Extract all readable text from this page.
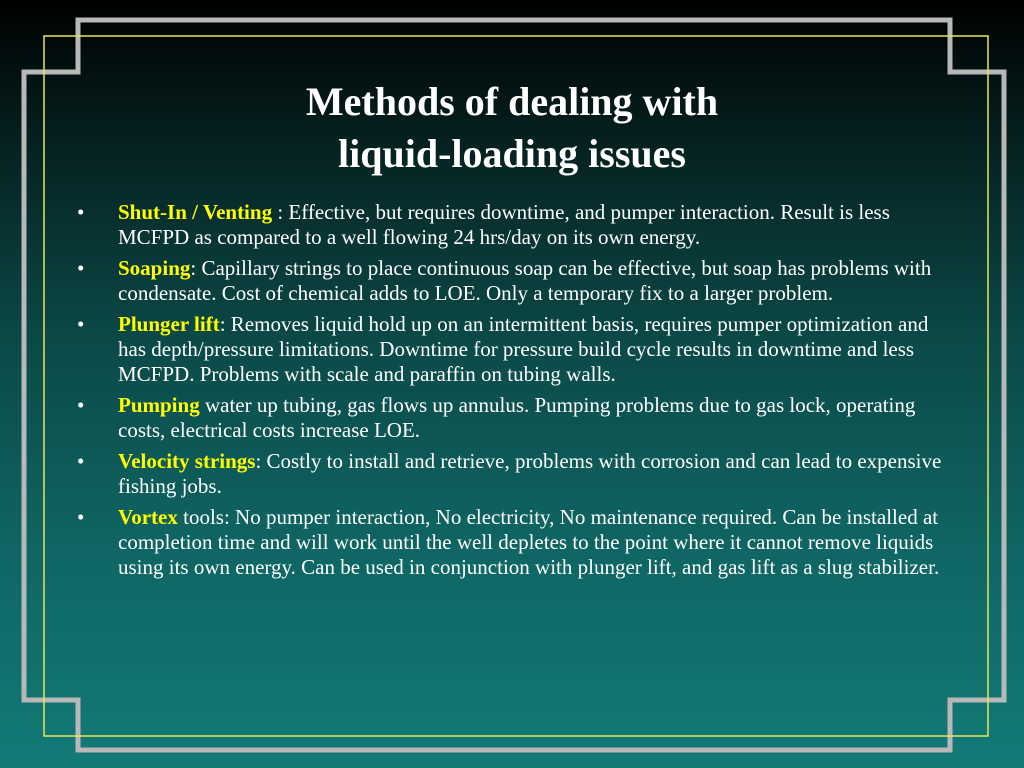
Methods of dealing with
liquid-loading issues
• Shut-In / Venting : Effective, but requires downtime, and pumper interaction. Result is less MCFPD as compared to a well flowing 24 hrs/day on its own energy.
• Soaping: Capillary strings to place continuous soap can be effective, but soap has problems with condensate. Cost of chemical adds to LOE. Only a temporary fix to a larger problem.
• Plunger lift: Removes liquid hold up on an intermittent basis, requires pumper optimization and has depth/pressure limitations. Downtime for pressure build cycle results in downtime and less MCFPD. Problems with scale and paraffin on tubing walls.
• Pumping water up tubing, gas flows up annulus. Pumping problems due to gas lock, operating costs, electrical costs increase LOE.
• Velocity strings: Costly to install and retrieve, problems with corrosion and can lead to expensive fishing jobs.
• Vortex tools: No pumper interaction, No electricity, No maintenance required. Can be installed at completion time and will work until the well depletes to the point where it cannot remove liquids using its own energy. Can be used in conjunction with plunger lift, and gas lift as a slug stabilizer.
